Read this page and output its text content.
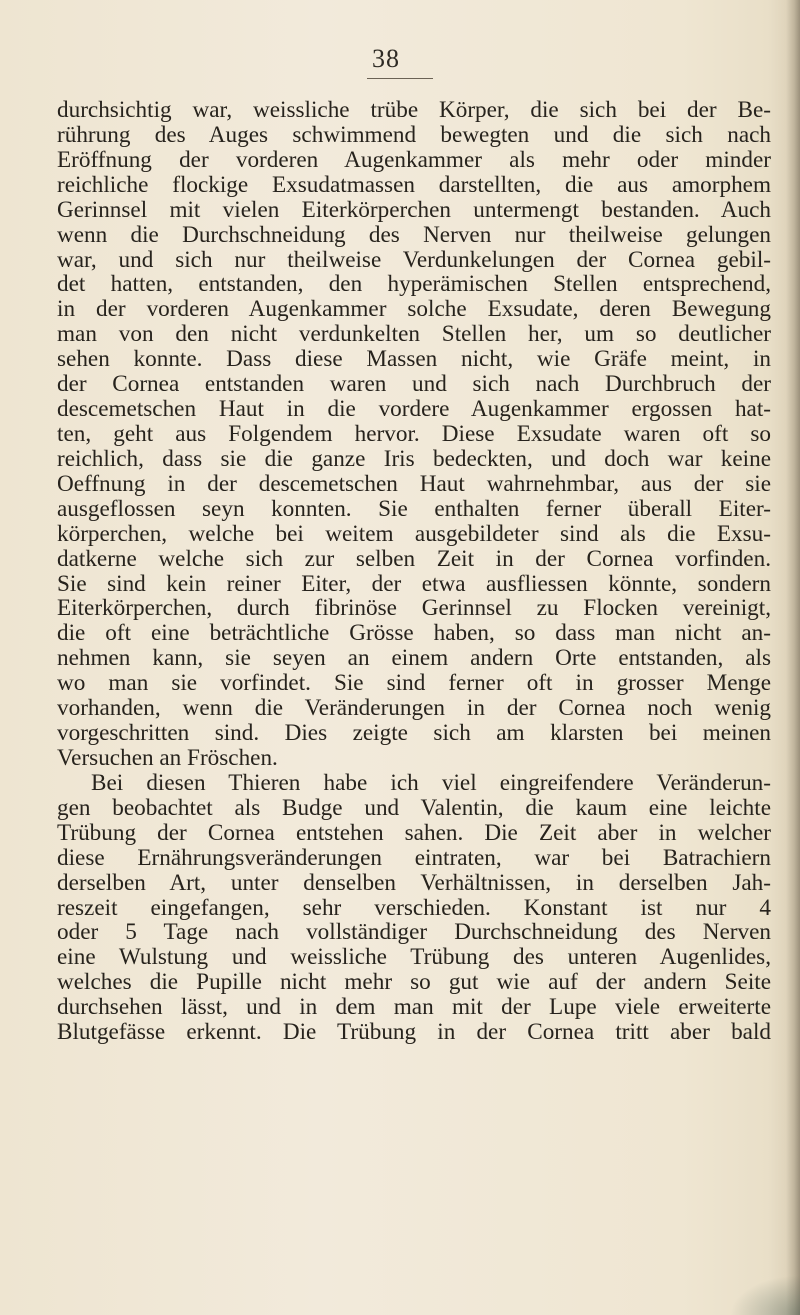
38
durchsichtig war, weissliche trübe Körper, die sich bei der Be-
rührung des Auges schwimmend bewegten und die sich nach
Eröffnung der vorderen Augenkammer als mehr oder minder
reichliche flockige Exsudatmassen darstellten, die aus amorphem
Gerinnsel mit vielen Eiterkörperchen untermengt bestanden. Auch
wenn die Durchschneidung des Nerven nur theilweise gelungen
war, und sich nur theilweise Verdunkelungen der Cornea gebil-
det hatten, entstanden, den hyperämischen Stellen entsprechend,
in der vorderen Augenkammer solche Exsudate, deren Bewegung
man von den nicht verdunkelten Stellen her, um so deutlicher
sehen konnte. Dass diese Massen nicht, wie Gräfe meint, in
der Cornea entstanden waren und sich nach Durchbruch der
descemetschen Haut in die vordere Augenkammer ergossen hat-
ten, geht aus Folgendem hervor. Diese Exsudate waren oft so
reichlich, dass sie die ganze Iris bedeckten, und doch war keine
Oeffnung in der descemetschen Haut wahrnehmbar, aus der sie
ausgeflossen seyn konnten. Sie enthalten ferner überall Eiter-
körperchen, welche bei weitem ausgebildeter sind als die Exsu-
datkerne welche sich zur selben Zeit in der Cornea vorfinden.
Sie sind kein reiner Eiter, der etwa ausfliessen könnte, sondern
Eiterkörperchen, durch fibrinöse Gerinnsel zu Flocken vereinigt,
die oft eine beträchtliche Grösse haben, so dass man nicht an-
nehmen kann, sie seyen an einem andern Orte entstanden, als
wo man sie vorfindet. Sie sind ferner oft in grosser Menge
vorhanden, wenn die Veränderungen in der Cornea noch wenig
vorgeschritten sind. Dies zeigte sich am klarsten bei meinen
Versuchen an Fröschen.
Bei diesen Thieren habe ich viel eingreifendere Veränderun-
gen beobachtet als Budge und Valentin, die kaum eine leichte
Trübung der Cornea entstehen sahen. Die Zeit aber in welcher
diese Ernährungsveränderungen eintraten, war bei Batrachiern
derselben Art, unter denselben Verhältnissen, in derselben Jah-
reszeit eingefangen, sehr verschieden. Konstant ist nur 4
oder 5 Tage nach vollständiger Durchschneidung des Nerven
eine Wulstung und weissliche Trübung des unteren Augenlides,
welches die Pupille nicht mehr so gut wie auf der andern Seite
durchsehen lässt, und in dem man mit der Lupe viele erweiterte
Blutgefässe erkennt. Die Trübung in der Cornea tritt aber bald
